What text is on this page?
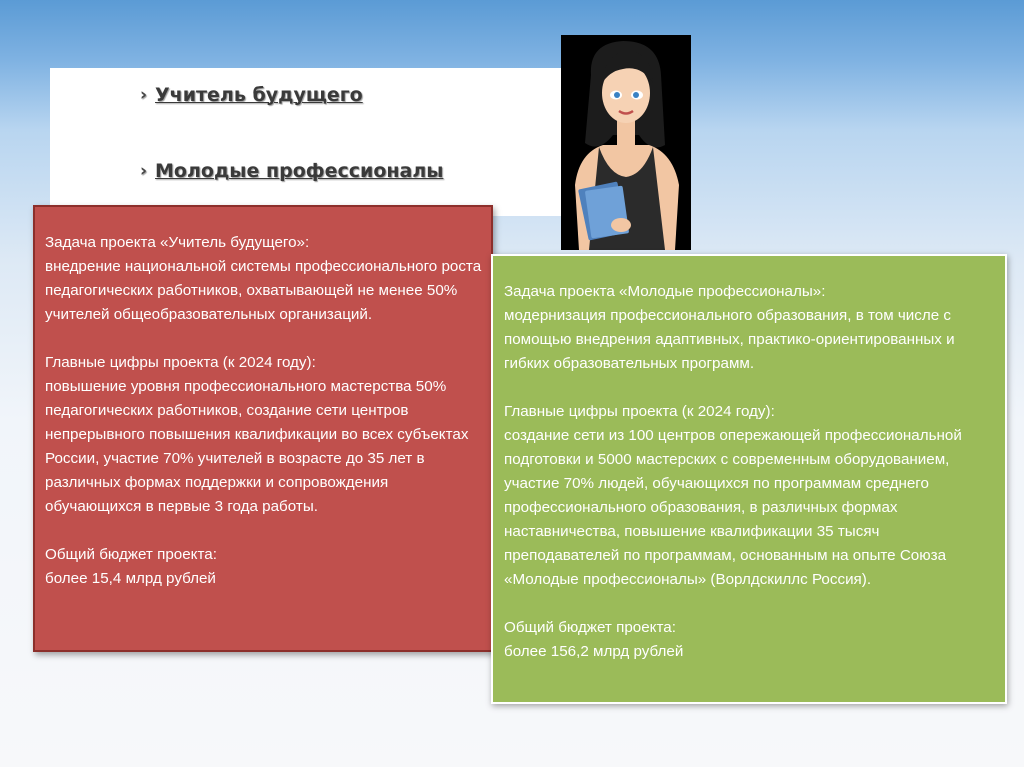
› Учитель будущего
› Молодые профессионалы

Задача проекта «Учитель будущего»:
внедрение национальной системы профессионального роста педагогических работников, охватывающей не менее 50% учителей общеобразовательных организаций.

Главные цифры проекта (к 2024 году):
повышение уровня профессионального мастерства 50% педагогических работников, создание сети центров непрерывного повышения квалификации во всех субъектах России, участие 70% учителей в возрасте до 35 лет в различных формах поддержки и сопровождения обучающихся в первые 3 года работы.

Общий бюджет проекта:
более 15,4 млрд рублей

Задача проекта «Молодые профессионалы»:
модернизация профессионального образования, в том числе с помощью внедрения адаптивных, практико-ориентированных и гибких образовательных программ.

Главные цифры проекта (к 2024 году):
создание сети из 100 центров опережающей профессиональной подготовки и 5000 мастерских с современным оборудованием, участие 70% людей, обучающихся по программам среднего профессионального образования, в различных формах наставничества, повышение квалификации 35 тысяч преподавателей по программам, основанным на опыте Союза «Молодые профессионалы» (Ворлдскиллс Россия).

Общий бюджет проекта:
более 156,2 млрд рублей
